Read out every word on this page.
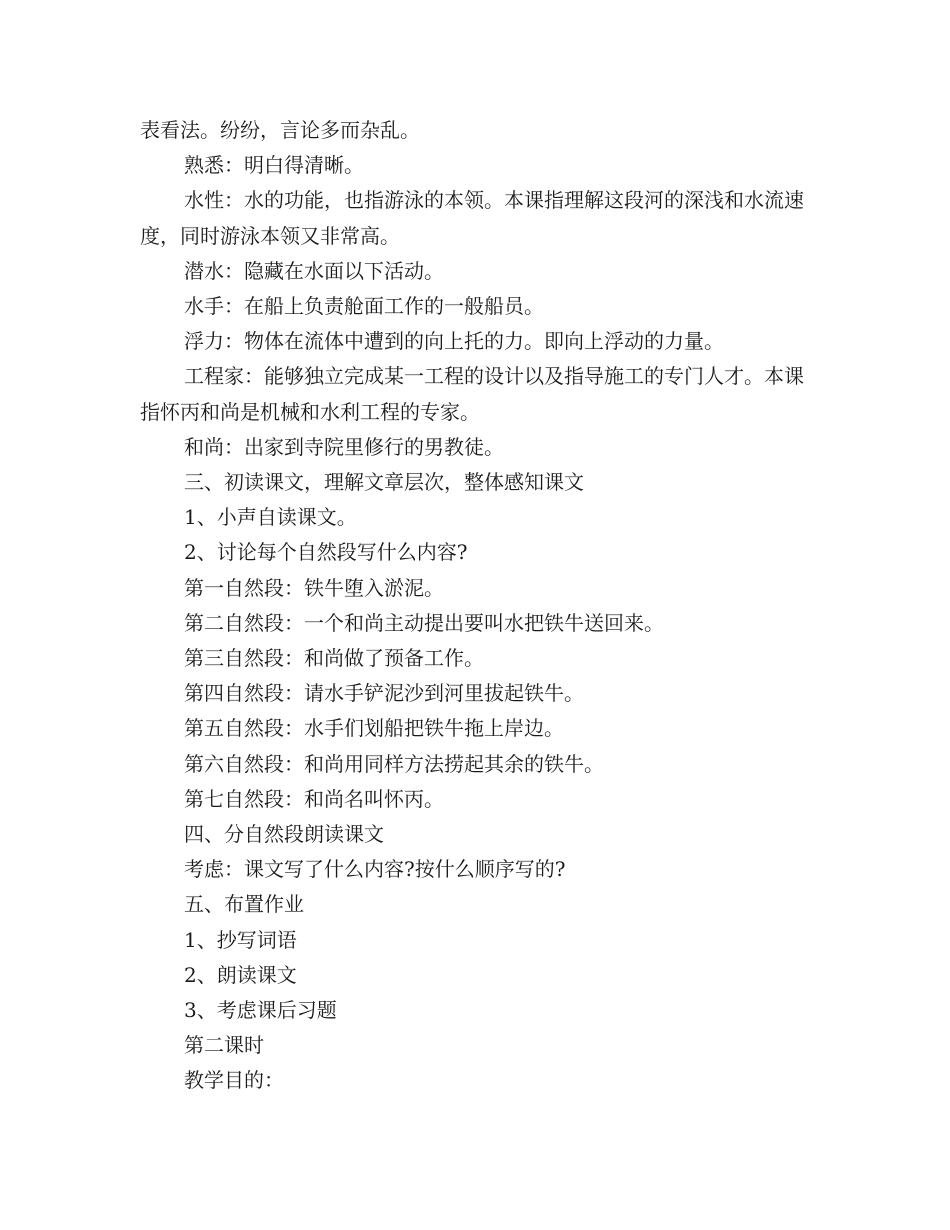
表看法。纷纷，言论多而杂乱。

熟悉：明白得清晰。

水性：水的功能，也指游泳的本领。本课指理解这段河的深浅和水流速度，同时游泳本领又非常高。

潜水：隐藏在水面以下活动。

水手：在船上负责舱面工作的一般船员。

浮力：物体在流体中遭到的向上托的力。即向上浮动的力量。

工程家：能够独立完成某一工程的设计以及指导施工的专门人才。本课指怀丙和尚是机械和水利工程的专家。

和尚：出家到寺院里修行的男教徒。

三、初读课文，理解文章层次，整体感知课文

1、小声自读课文。

2、讨论每个自然段写什么内容?

第一自然段：铁牛堕入淤泥。

第二自然段：一个和尚主动提出要叫水把铁牛送回来。

第三自然段：和尚做了预备工作。

第四自然段：请水手铲泥沙到河里拔起铁牛。

第五自然段：水手们划船把铁牛拖上岸边。

第六自然段：和尚用同样方法捞起其余的铁牛。

第七自然段：和尚名叫怀丙。

四、分自然段朗读课文

考虑：课文写了什么内容?按什么顺序写的?

五、布置作业

1、抄写词语

2、朗读课文

3、考虑课后习题

第二课时

教学目的：
